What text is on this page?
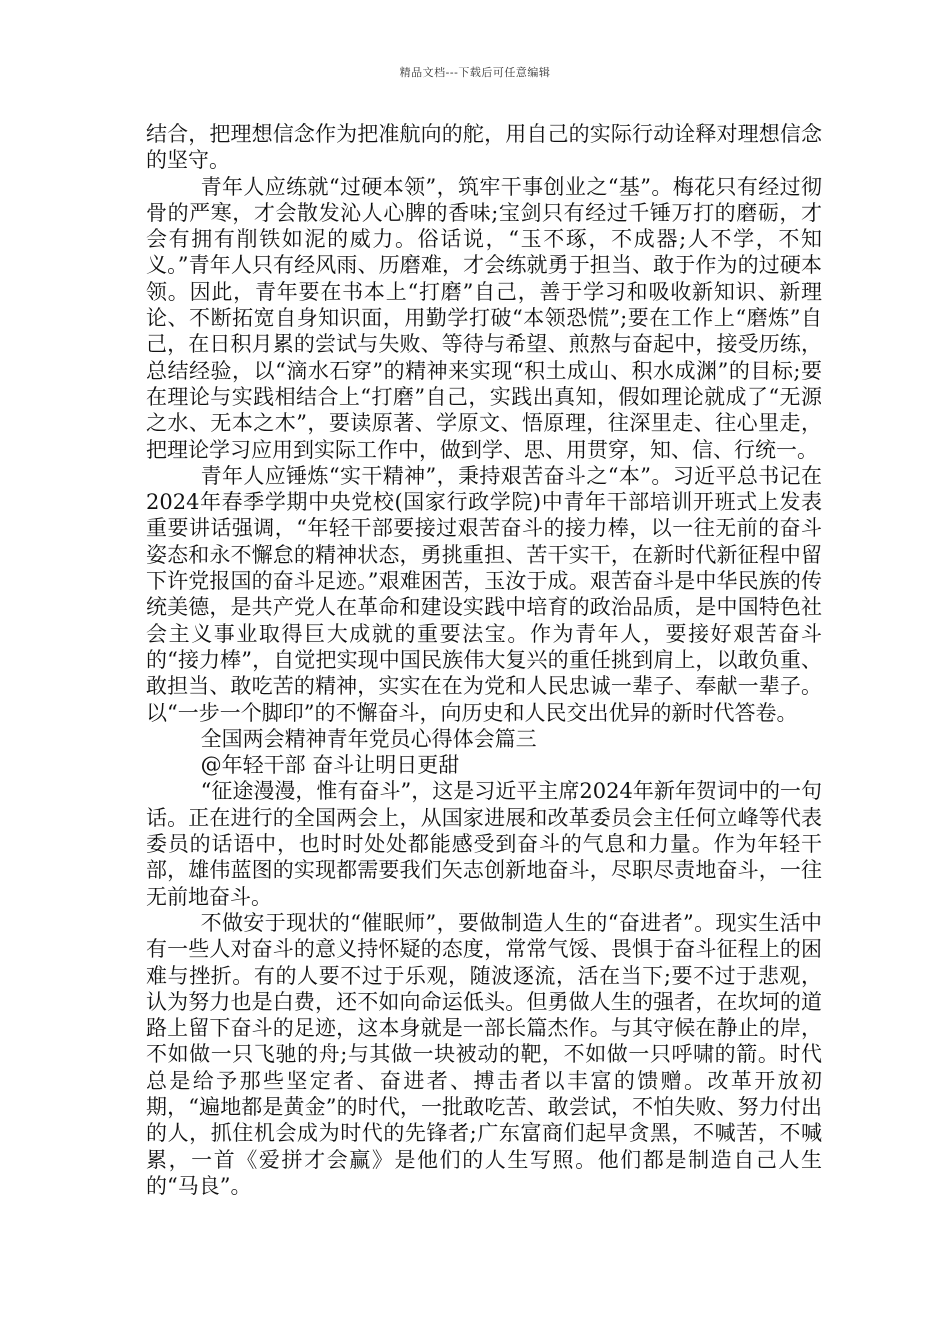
精品文档---下载后可任意编辑

结合，把理想信念作为把准航向的舵，用自己的实际行动诠释对理想信念的坚守。

青年人应练就“过硬本领”，筑牢干事创业之“基”。梅花只有经过彻骨的严寒，才会散发沁人心脾的香味;宝剑只有经过千锤万打的磨砺，才会有拥有削铁如泥的威力。俗话说，“玉不琢，不成器;人不学，不知义。”青年人只有经风雨、历磨难，才会练就勇于担当、敢于作为的过硬本领。因此，青年要在书本上“打磨”自己，善于学习和吸收新知识、新理论、不断拓宽自身知识面，用勤学打破“本领恐慌”;要在工作上“磨炼”自己，在日积月累的尝试与失败、等待与希望、煎熬与奋起中，接受历练，总结经验，以“滴水石穿”的精神来实现“积土成山、积水成渊”的目标;要在理论与实践相结合上“打磨”自己，实践出真知，假如理论就成了“无源之水、无本之木”，要读原著、学原文、悟原理，往深里走、往心里走，把理论学习应用到实际工作中，做到学、思、用贯穿，知、信、行统一。

青年人应锤炼“实干精神”，秉持艰苦奋斗之“本”。习近平总书记在2024年春季学期中央党校(国家行政学院)中青年干部培训开班式上发表重要讲话强调，“年轻干部要接过艰苦奋斗的接力棒，以一往无前的奋斗姿态和永不懈怠的精神状态，勇挑重担、苦干实干，在新时代新征程中留下许党报国的奋斗足迹。”艰难困苦，玉汝于成。艰苦奋斗是中华民族的传统美德，是共产党人在革命和建设实践中培育的政治品质，是中国特色社会主义事业取得巨大成就的重要法宝。作为青年人，要接好艰苦奋斗的“接力棒”，自觉把实现中国民族伟大复兴的重任挑到肩上，以敢负重、敢担当、敢吃苦的精神，实实在在为党和人民忠诚一辈子、奉献一辈子。以“一步一个脚印”的不懈奋斗，向历史和人民交出优异的新时代答卷。

全国两会精神青年党员心得体会篇三

@年轻干部 奋斗让明日更甜

“征途漫漫，惟有奋斗”，这是习近平主席2024年新年贺词中的一句话。正在进行的全国两会上，从国家进展和改革委员会主任何立峰等代表委员的话语中，也时时处处都能感受到奋斗的气息和力量。作为年轻干部，雄伟蓝图的实现都需要我们矢志创新地奋斗，尽职尽责地奋斗，一往无前地奋斗。

不做安于现状的“催眠师”，要做制造人生的“奋进者”。现实生活中有一些人对奋斗的意义持怀疑的态度，常常气馁、畏惧于奋斗征程上的困难与挫折。有的人要不过于乐观，随波逐流，活在当下;要不过于悲观，认为努力也是白费，还不如向命运低头。但勇做人生的强者，在坎坷的道路上留下奋斗的足迹，这本身就是一部长篇杰作。与其守候在静止的岸，不如做一只飞驰的舟;与其做一块被动的靶，不如做一只呼啸的箭。时代总是给予那些坚定者、奋进者、搏击者以丰富的馈赠。改革开放初期，“遍地都是黄金”的时代，一批敢吃苦、敢尝试，不怕失败、努力付出的人，抓住机会成为时代的先锋者;广东富商们起早贪黑，不喊苦，不喊累，一首《爱拼才会赢》是他们的人生写照。他们都是制造自己人生的“马良”。
